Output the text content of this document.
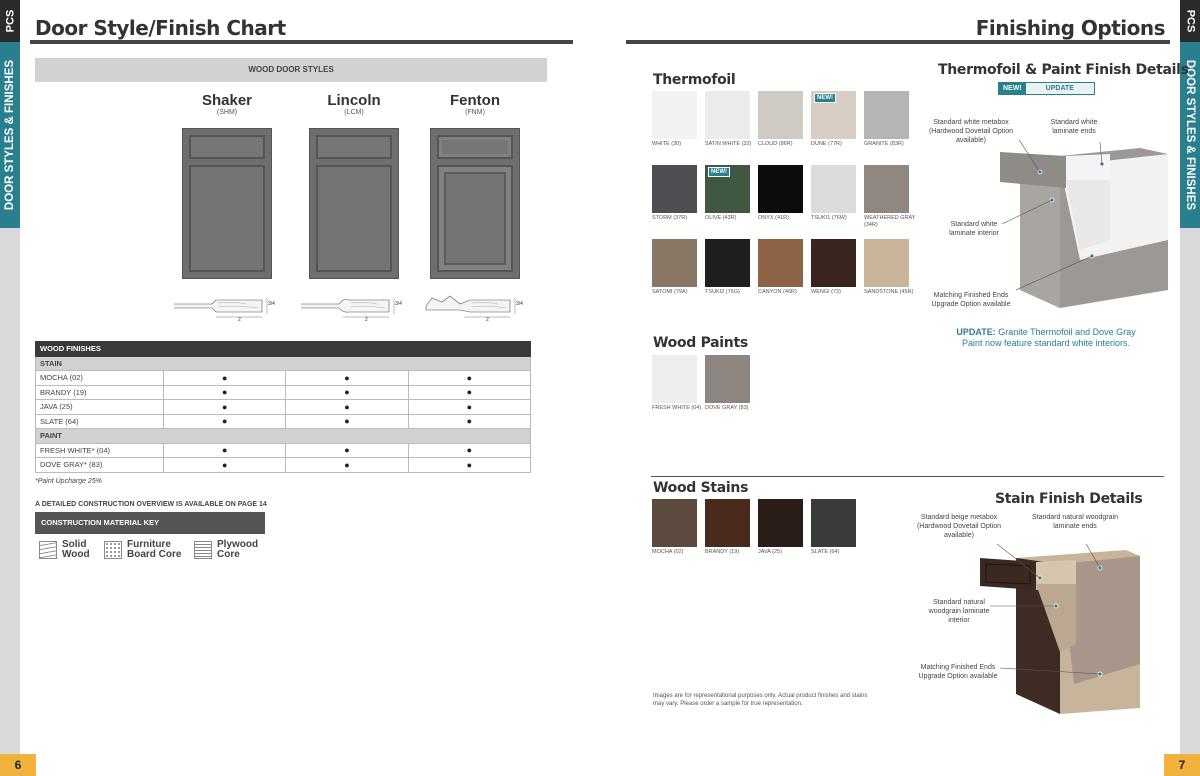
PCS
DOOR STYLES & FINISHES
6
Door Style/Finish Chart
WOOD DOOR STYLES
Shaker
(SHM)
Lincoln
(LCM)
Fenton
(FNM)
3/4
2
3/4
2
3/4
2
WOOD FINISHES			
STAIN			
MOCHA (02)	●	●	●
BRANDY (19)	●	●	●
JAVA (25)	●	●	●
SLATE (64)	●	●	●
PAINT			
FRESH WHITE* (04)	●	●	●
DOVE GRAY* (83)	●	●	●
*Paint Upcharge 25%
A DETAILED CONSTRUCTION OVERVIEW IS AVAILABLE ON PAGE 14
CONSTRUCTION MATERIAL KEY
Solid
Wood
Furniture
Board Core
Plywood
Core
PCS
DOOR STYLES & FINISHES
7
Finishing Options
Thermofoil
WHITE (30)	SATIN WHITE (32)	CLOUD (86R)	DUNE (77R)
NEW!
GRANITE (83R)
STORM (37R)	OLIVE (43R)
NEW!
ONYX (41R)	TSUKI1 (76W)	WEATHERED GRAY (34R)
SATOMI (79A)	TSUKI2 (76G)	CANYON (46R)	WENGI (73)	SANDSTONE (45R)
Wood Paints
FRESH WHITE (04) DOVE GRAY (83)
Wood Stains
MOCHA (02)	BRANDY (19)	JAVA (25)	SLATE (64)
Images are for representational purposes only. Actual product finishes and stains may vary. Please order a sample for true representation.
Thermofoil & Paint Finish Details
NEW!	UPDATE
Standard white metabox (Hardwood Dovetail Option available)
Standard white laminate ends
Standard white laminate interior
Matching Finished Ends Upgrade Option available
UPDATE: Granite Thermofoil and Dove Gray Paint now feature standard white interiors.
Stain Finish Details
Standard beige metabox (Hardwood Dovetail Option available)
Standard natural woodgrain laminate ends
Standard natural woodgrain laminate interior
Matching Finished Ends Upgrade Option available
